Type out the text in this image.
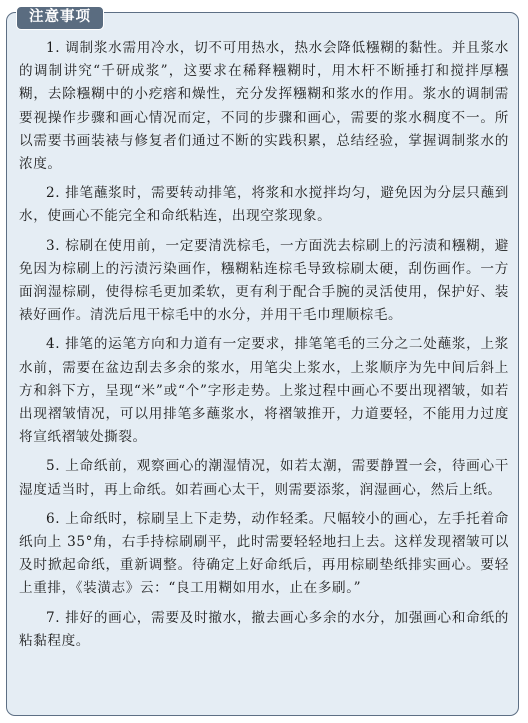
注意事项

1. 调制浆水需用冷水，切不可用热水，热水会降低糨糊的黏性。并且浆水的调制讲究“千研成浆”，这要求在稀释糨糊时，用木杆不断捶打和搅拌厚糨糊，去除糨糊中的小疙瘩和燥性，充分发挥糨糊和浆水的作用。浆水的调制需要视操作步骤和画心情况而定，不同的步骤和画心，需要的浆水稠度不一。所以需要书画装裱与修复者们通过不断的实践积累，总结经验，掌握调制浆水的浓度。

2. 排笔蘸浆时，需要转动排笔，将浆和水搅拌均匀，避免因为分层只蘸到水，使画心不能完全和命纸粘连，出现空浆现象。

3. 棕刷在使用前，一定要清洗棕毛，一方面洗去棕刷上的污渍和糨糊，避免因为棕刷上的污渍污染画作，糨糊粘连棕毛导致棕刷太硬，刮伤画作。一方面润湿棕刷，使得棕毛更加柔软，更有利于配合手腕的灵活使用，保护好、装裱好画作。清洗后甩干棕毛中的水分，并用干毛巾理顺棕毛。

4. 排笔的运笔方向和力道有一定要求，排笔笔毛的三分之二处蘸浆，上浆水前，需要在盆边刮去多余的浆水，用笔尖上浆水，上浆顺序为先中间后斜上方和斜下方，呈现“米”或“个”字形走势。上浆过程中画心不要出现褶皱，如若出现褶皱情况，可以用排笔多蘸浆水，将褶皱推开，力道要轻，不能用力过度将宣纸褶皱处撕裂。

5. 上命纸前，观察画心的潮湿情况，如若太潮，需要静置一会，待画心干湿度适当时，再上命纸。如若画心太干，则需要添浆，润湿画心，然后上纸。

6. 上命纸时，棕刷呈上下走势，动作轻柔。尺幅较小的画心，左手托着命纸向上 35°角，右手持棕刷刷平，此时需要轻轻地扫上去。这样发现褶皱可以及时掀起命纸，重新调整。待确定上好命纸后，再用棕刷垫纸排实画心。要轻上重排，《装潢志》云：“良工用糊如用水，止在多刷。”

7. 排好的画心，需要及时撤水，撤去画心多余的水分，加强画心和命纸的粘黏程度。
